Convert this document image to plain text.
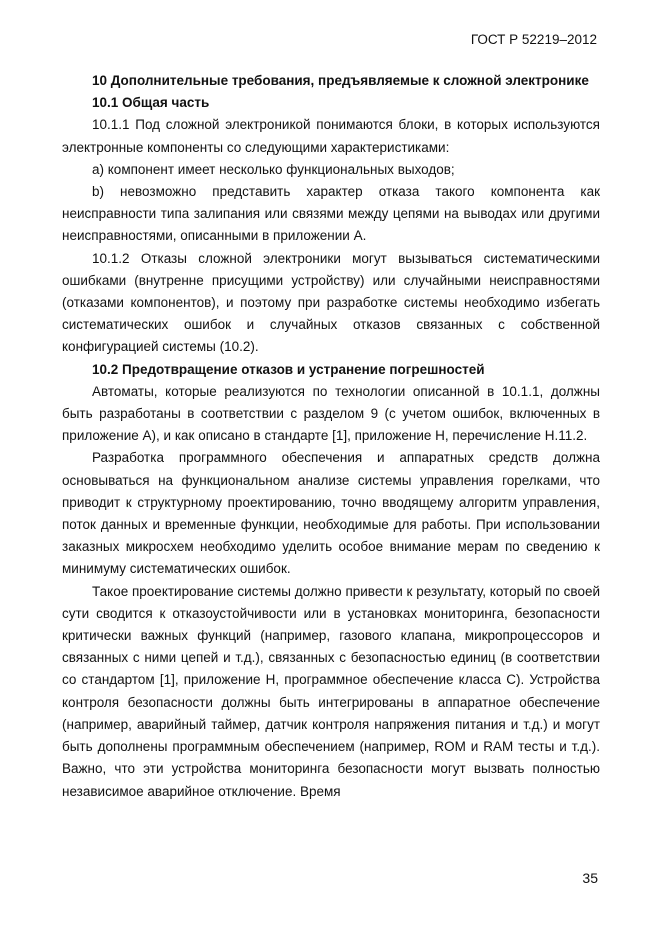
ГОСТ Р 52219–2012

10 Дополнительные требования, предъявляемые к сложной электронике

10.1 Общая часть

10.1.1 Под сложной электроникой понимаются блоки, в которых используются электронные компоненты со следующими характеристиками:

а) компонент имеет несколько функциональных выходов;

b) невозможно представить характер отказа такого компонента как неисправности типа залипания или связями между цепями на выводах или другими неисправностями, описанными в приложении А.

10.1.2 Отказы сложной электроники могут вызываться систематическими ошибками (внутренне присущими устройству) или случайными неисправностями (отказами компонентов), и поэтому при разработке системы необходимо избегать систематических ошибок и случайных отказов связанных с собственной конфигурацией системы (10.2).

10.2 Предотвращение отказов и устранение погрешностей

Автоматы, которые реализуются по технологии описанной в 10.1.1, должны быть разработаны в соответствии с разделом 9 (с учетом ошибок, включенных в приложение А), и как описано в стандарте [1], приложение Н, перечисление Н.11.2.

Разработка программного обеспечения и аппаратных средств должна основываться на функциональном анализе системы управления горелками, что приводит к структурному проектированию, точно вводящему алгоритм управления, поток данных и временные функции, необходимые для работы. При использовании заказных микросхем необходимо уделить особое внимание мерам по сведению к минимуму систематических ошибок.

Такое проектирование системы должно привести к результату, который по своей сути сводится к отказоустойчивости или в установках мониторинга, безопасности критически важных функций (например, газового клапана, микропроцессоров и связанных с ними цепей и т.д.), связанных с безопасностью единиц (в соответствии со стандартом [1], приложение Н, программное обеспечение класса С). Устройства контроля безопасности должны быть интегрированы в аппаратное обеспечение (например, аварийный таймер, датчик контроля напряжения питания и т.д.) и могут быть дополнены программным обеспечением (например, ROM и RAM тесты и т.д.). Важно, что эти устройства мониторинга безопасности могут вызвать полностью независимое аварийное отключение. Время

35
